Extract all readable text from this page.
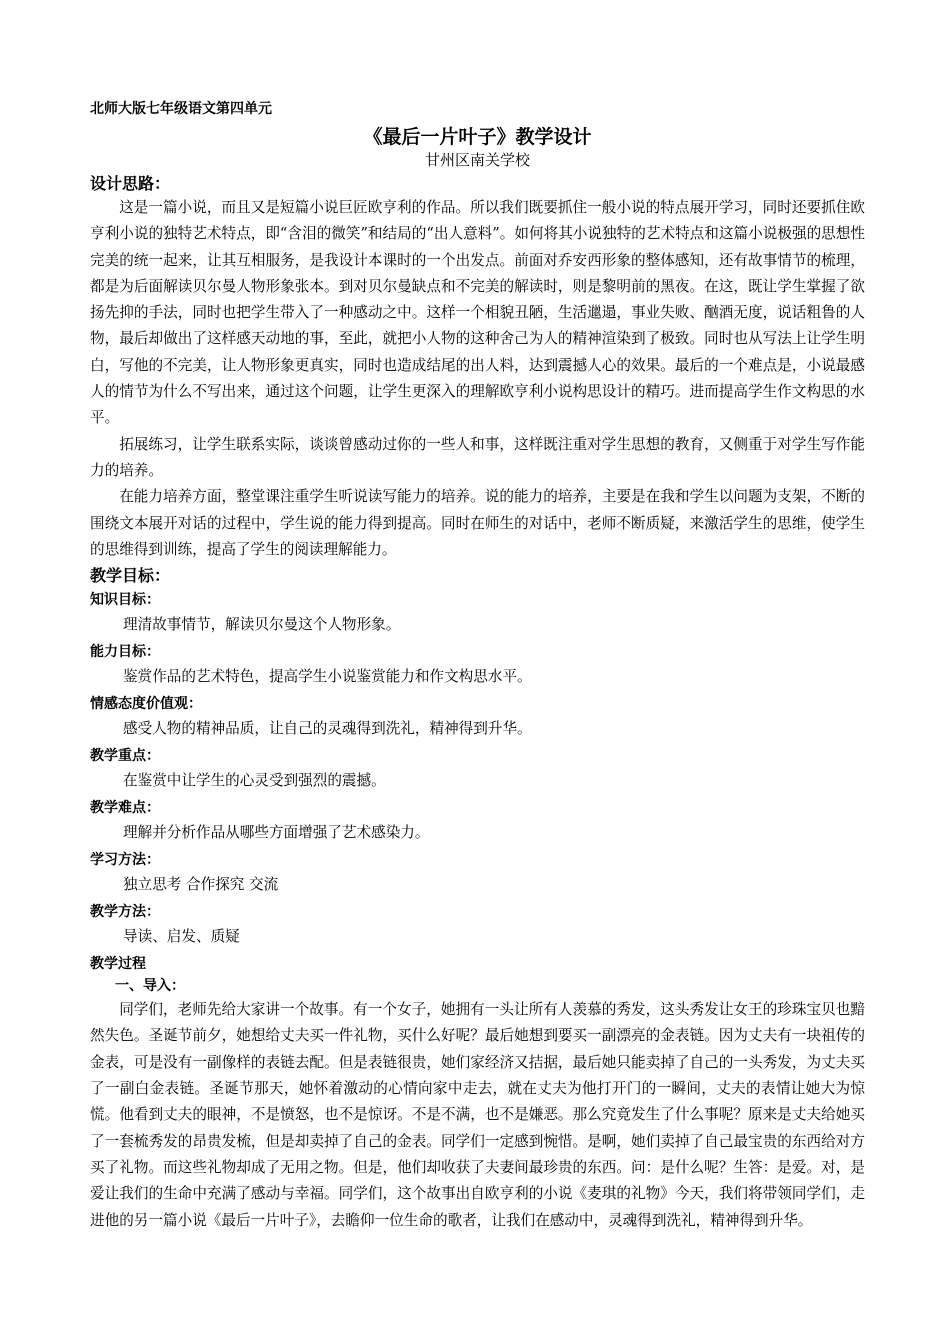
北师大版七年级语文第四单元

《最后一片叶子》教学设计

甘州区南关学校

设计思路：

这是一篇小说，而且又是短篇小说巨匠欧亨利的作品。所以我们既要抓住一般小说的特点展开学习，同时还要抓住欧亨利小说的独特艺术特点，即“含泪的微笑”和结局的“出人意料”。如何将其小说独特的艺术特点和这篇小说极强的思想性完美的统一起来，让其互相服务，是我设计本课时的一个出发点。前面对乔安西形象的整体感知，还有故事情节的梳理，都是为后面解读贝尔曼人物形象张本。到对贝尔曼缺点和不完美的解读时，则是黎明前的黑夜。在这，既让学生掌握了欲扬先抑的手法，同时也把学生带入了一种感动之中。这样一个相貌丑陋，生活邋遢，事业失败、酗酒无度，说话粗鲁的人物，最后却做出了这样感天动地的事，至此，就把小人物的这种舍己为人的精神渲染到了极致。同时也从写法上让学生明白，写他的不完美，让人物形象更真实，同时也造成结尾的出人料，达到震撼人心的效果。最后的一个难点是，小说最感人的情节为什么不写出来，通过这个问题，让学生更深入的理解欧亨利小说构思设计的精巧。进而提高学生作文构思的水平。

拓展练习，让学生联系实际，谈谈曾感动过你的一些人和事，这样既注重对学生思想的教育，又侧重于对学生写作能力的培养。

在能力培养方面，整堂课注重学生听说读写能力的培养。说的能力的培养，主要是在我和学生以问题为支架，不断的围绕文本展开对话的过程中，学生说的能力得到提高。同时在师生的对话中，老师不断质疑，来激活学生的思维，使学生的思维得到训练，提高了学生的阅读理解能力。

教学目标：

知识目标：

理清故事情节，解读贝尔曼这个人物形象。

能力目标：

鉴赏作品的艺术特色，提高学生小说鉴赏能力和作文构思水平。

情感态度价值观：

感受人物的精神品质，让自己的灵魂得到洗礼，精神得到升华。

教学重点：

在鉴赏中让学生的心灵受到强烈的震撼。

教学难点：

理解并分析作品从哪些方面增强了艺术感染力。

学习方法：

独立思考 合作探究 交流

教学方法：

导读、启发、质疑

教学过程

一、导入：

同学们，老师先给大家讲一个故事。有一个女子，她拥有一头让所有人羡慕的秀发，这头秀发让女王的珍珠宝贝也黯然失色。圣诞节前夕，她想给丈夫买一件礼物，买什么好呢？最后她想到要买一副漂亮的金表链。因为丈夫有一块祖传的金表，可是没有一副像样的表链去配。但是表链很贵，她们家经济又拮据，最后她只能卖掉了自己的一头秀发，为丈夫买了一副白金表链。圣诞节那天，她怀着激动的心情向家中走去，就在丈夫为他打开门的一瞬间，丈夫的表情让她大为惊慌。他看到丈夫的眼神，不是愤怒，也不是惊讶。不是不满，也不是嫌恶。那么究竟发生了什么事呢？原来是丈夫给她买了一套梳秀发的昂贵发梳，但是却卖掉了自己的金表。同学们一定感到惋惜。是啊，她们卖掉了自己最宝贵的东西给对方买了礼物。而这些礼物却成了无用之物。但是，他们却收获了夫妻间最珍贵的东西。问：是什么呢？生答：是爱。对，是爱让我们的生命中充满了感动与幸福。同学们，这个故事出自欧亨利的小说《麦琪的礼物》今天，我们将带领同学们，走进他的另一篇小说《最后一片叶子》，去瞻仰一位生命的歌者，让我们在感动中，灵魂得到洗礼，精神得到升华。
